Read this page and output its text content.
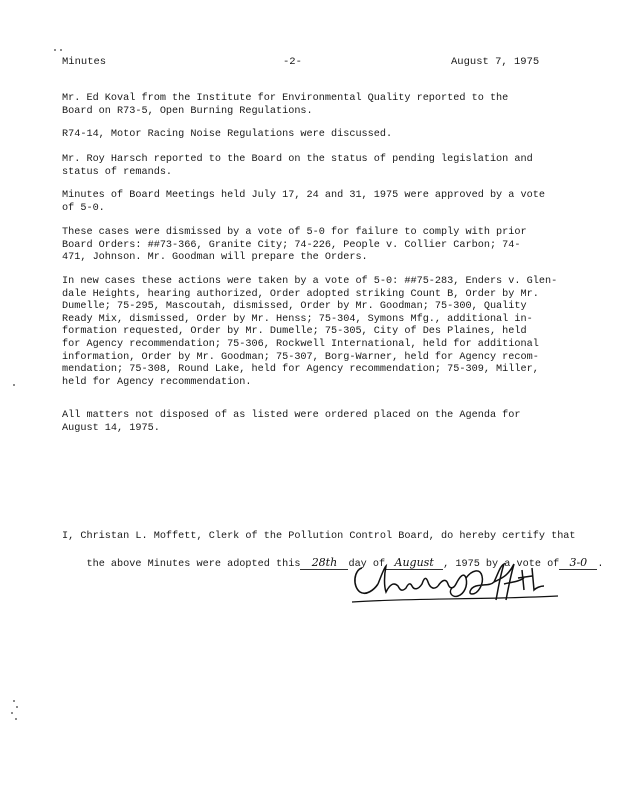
Minutes	-2-	August 7, 1975
Mr. Ed Koval from the Institute for Environmental Quality reported to the
Board on R73-5, Open Burning Regulations.
R74-14, Motor Racing Noise Regulations were discussed.
Mr. Roy Harsch reported to the Board on the status of pending legislation and
status of remands.
Minutes of Board Meetings held July 17, 24 and 31, 1975 were approved by a vote
of 5-0.
These cases were dismissed by a vote of 5-0 for failure to comply with prior
Board Orders: ##73-366, Granite City; 74-226, People v. Collier Carbon; 74-
471, Johnson. Mr. Goodman will prepare the Orders.
In new cases these actions were taken by a vote of 5-0: ##75-283, Enders v. Glen-
dale Heights, hearing authorized, Order adopted striking Count B, Order by Mr.
Dumelle; 75-295, Mascoutah, dismissed, Order by Mr. Goodman; 75-300, Quality
Ready Mix, dismissed, Order by Mr. Henss; 75-304, Symons Mfg., additional in-
formation requested, Order by Mr. Dumelle; 75-305, City of Des Plaines, held
for Agency recommendation; 75-306, Rockwell International, held for additional
information, Order by Mr. Goodman; 75-307, Borg-Warner, held for Agency recom-
mendation; 75-308, Round Lake, held for Agency recommendation; 75-309, Miller,
held for Agency recommendation.
All matters not disposed of as listed were ordered placed on the Agenda for
August 14, 1975.
I, Christan L. Moffett, Clerk of the Pollution Control Board, do hereby certify that

the above Minutes were adopted this 28th day of August , 1975 by a vote of 3-0 .
